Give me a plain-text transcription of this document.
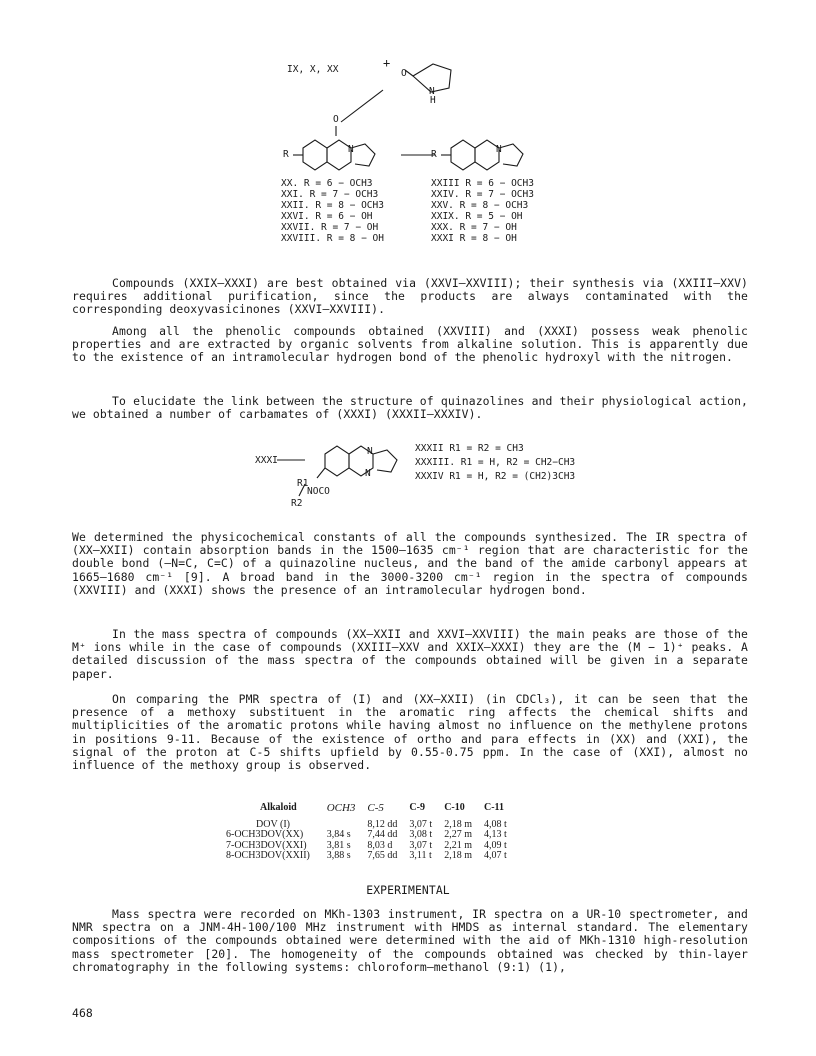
IX, X, XX	+
O
N
H
O
R	N	R	N
XX. R = 6 − OCH3
XXI. R = 7 − OCH3
XXII. R = 8 − OCH3
XXVI. R = 6 − OH
XXVII. R = 7 − OH
XXVIII. R = 8 − OH
XXIII R = 6 − OCH3
XXIV. R = 7 − OCH3
XXV. R = 8 − OCH3
XXIX. R = 5 − OH
XXX. R = 7 − OH
XXXI R = 8 − OH

Compounds (XXIX–XXXI) are best obtained via (XXVI–XXVIII); their synthesis via (XXIII–XXV) requires additional purification, since the products are always contaminated with the corresponding deoxyvasicinones (XXVI–XXVIII).

Among all the phenolic compounds obtained (XXVIII) and (XXXI) possess weak phenolic properties and are extracted by organic solvents from alkaline solution. This is apparently due to the existence of an intramolecular hydrogen bond of the phenolic hydroxyl with the nitrogen.

To elucidate the link between the structure of quinazolines and their physiological action, we obtained a number of carbamates of (XXXI) (XXXII–XXXIV).

XXXI
N
N
R1
NOCO
R2
XXXII R1 = R2 = CH3
XXXIII. R1 = H, R2 = CH2−CH3
XXXIV R1 = H, R2 = (CH2)3CH3

We determined the physicochemical constants of all the compounds synthesized. The IR spectra of (XX–XXII) contain absorption bands in the 1500–1635 cm⁻¹ region that are characteristic for the double bond (–N=C, C=C) of a quinazoline nucleus, and the band of the amide carbonyl appears at 1665–1680 cm⁻¹ [9]. A broad band in the 3000-3200 cm⁻¹ region in the spectra of compounds (XXVIII) and (XXXI) shows the presence of an intramolecular hydrogen bond.

In the mass spectra of compounds (XX–XXII and XXVI–XXVIII) the main peaks are those of the M⁺ ions while in the case of compounds (XXIII–XXV and XXIX–XXXI) they are the (M − 1)⁺ peaks. A detailed discussion of the mass spectra of the compounds obtained will be given in a separate paper.

On comparing the PMR spectra of (I) and (XX–XXII) (in CDCl₃), it can be seen that the presence of a methoxy substituent in the aromatic ring affects the chemical shifts and multiplicities of the aromatic protons while having almost no influence on the methylene protons in positions 9-11. Because of the existence of ortho and para effects in (XX) and (XXI), the signal of the proton at C-5 shifts upfield by 0.55-0.75 ppm. In the case of (XXI), almost no influence of the methoxy group is observed.

Alkaloid	OCH3	C-5	C-9	C-10	C-11
DOV (I)		8,12 dd	3,07 t	2,18 m	4,08 t
6-OCH3DOV(XX)	3,84 s	7,44 dd	3,08 t	2,27 m	4,13 t
7-OCH3DOV(XXI)	3,81 s	8,03 d	3,07 t	2,21 m	4,09 t
8-OCH3DOV(XXII)	3,88 s	7,65 dd	3,11 t	2,18 m	4,07 t
EXPERIMENTAL

Mass spectra were recorded on MKh-1303 instrument, IR spectra on a UR-10 spectrometer, and NMR spectra on a JNM-4H-100/100 MHz instrument with HMDS as internal standard. The elementary compositions of the compounds obtained were determined with the aid of MKh-1310 high-resolution mass spectrometer [20]. The homogeneity of the compounds obtained was checked by thin-layer chromatography in the following systems: chloroform–methanol (9:1) (1),

468
